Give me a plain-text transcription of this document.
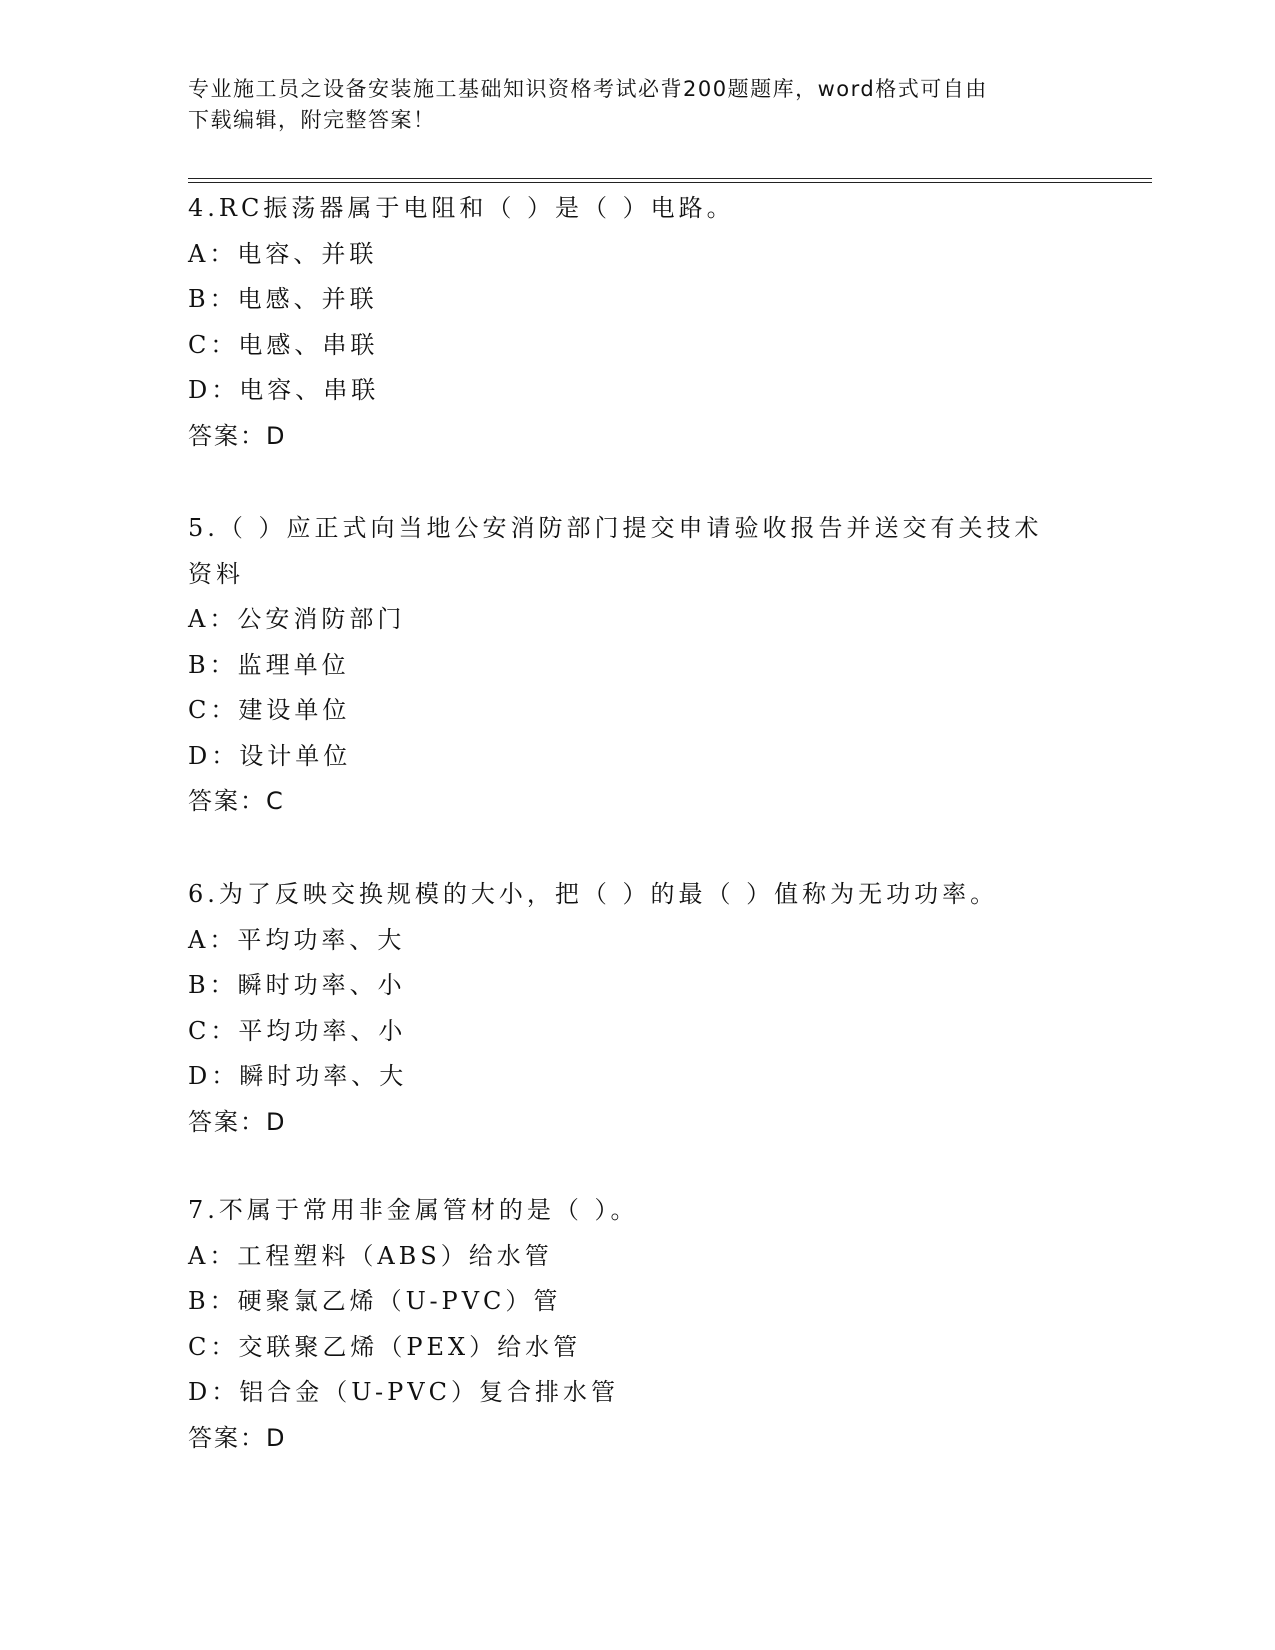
专业施工员之设备安装施工基础知识资格考试必背200题题库，word格式可自由
下载编辑，附完整答案！
4.RC振荡器属于电阻和（ ）是（ ）电路。
A：电容、并联
B：电感、并联
C：电感、串联
D：电容、串联
答案：D
5.（ ）应正式向当地公安消防部门提交申请验收报告并送交有关技术
资料
A：公安消防部门
B：监理单位
C：建设单位
D：设计单位
答案：C
6.为了反映交换规模的大小，把（ ）的最（ ）值称为无功功率。
A：平均功率、大
B：瞬时功率、小
C：平均功率、小
D：瞬时功率、大
答案：D
7.不属于常用非金属管材的是（ ）。
A：工程塑料（ABS）给水管
B：硬聚氯乙烯（U-PVC）管
C：交联聚乙烯（PEX）给水管
D：铝合金（U-PVC）复合排水管
答案：D
